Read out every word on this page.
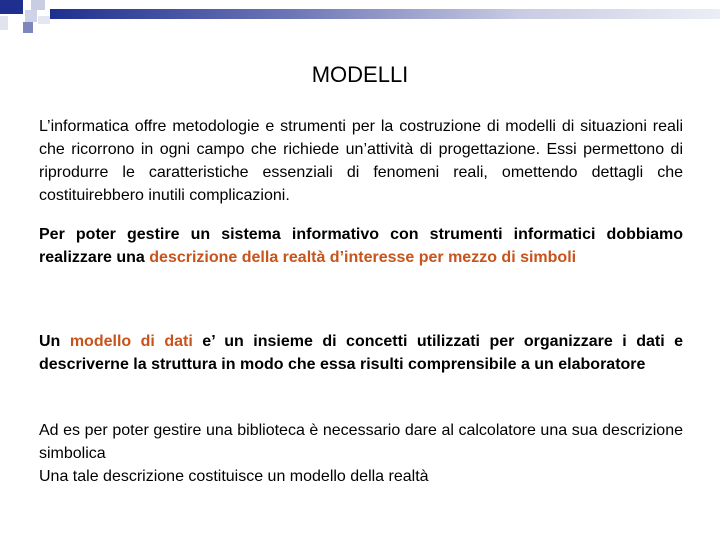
MODELLI
L’informatica offre metodologie e strumenti per la costruzione di modelli di situazioni reali che ricorrono in ogni campo che richiede un’attività di progettazione. Essi permettono di riprodurre le caratteristiche essenziali di fenomeni reali, omettendo dettagli che costituirebbero inutili complicazioni.
Per poter gestire un sistema informativo con strumenti informatici dobbiamo realizzare una descrizione della realtà d’interesse per mezzo di simboli
Un modello di dati e’ un insieme di concetti utilizzati per organizzare i dati e descriverne la struttura in modo che essa risulti comprensibile a un elaboratore
Ad es per poter gestire una biblioteca è necessario dare al calcolatore una sua descrizione simbolica
Una tale descrizione costituisce un modello della realtà
